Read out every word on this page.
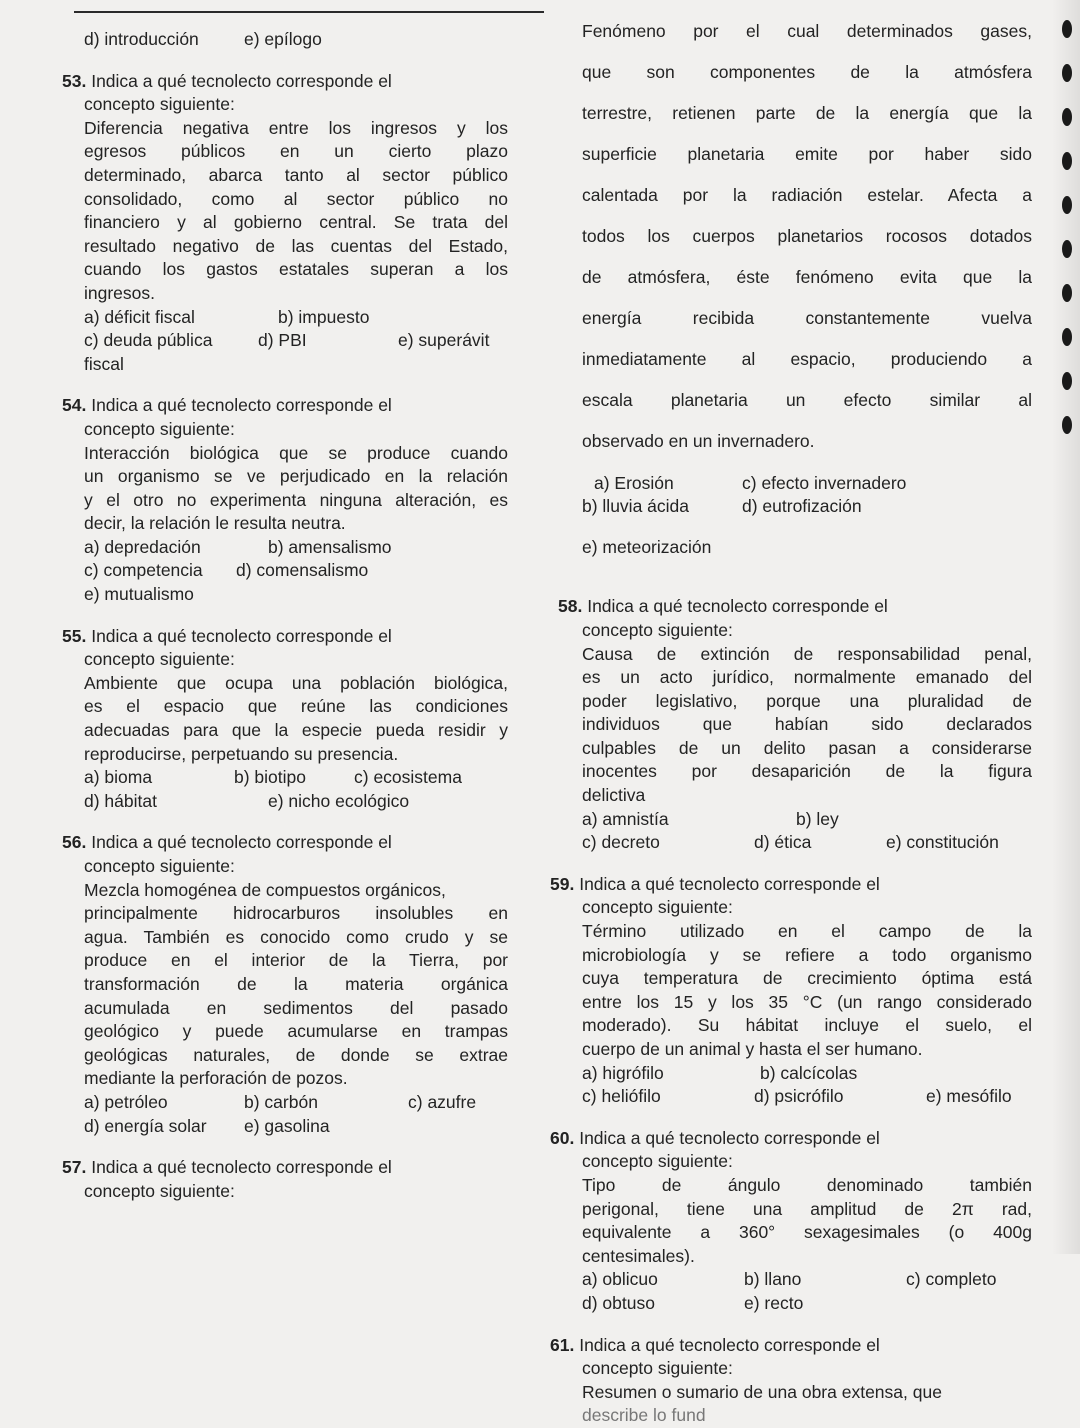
d) introducción	e) epílogo

53. Indica a qué tecnolecto corresponde el

concepto siguiente:

Diferencia negativa entre los ingresos y los

egresos públicos en un cierto plazo

determinado, abarca tanto al sector público

consolidado, como al sector público no

financiero y al gobierno central. Se trata del

resultado negativo de las cuentas del Estado,

cuando los gastos estatales superan a los

ingresos.

a) déficit fiscal	b) impuesto
c) deuda pública	d) PBI	e) superávit

fiscal

54. Indica a qué tecnolecto corresponde el

concepto siguiente:

Interacción biológica que se produce cuando

un organismo se ve perjudicado en la relación

y el otro no experimenta ninguna alteración, es

decir, la relación le resulta neutra.

a) depredación	b) amensalismo
c) competencia	d) comensalismo

e) mutualismo

55. Indica a qué tecnolecto corresponde el

concepto siguiente:

Ambiente que ocupa una población biológica,

es el espacio que reúne las condiciones

adecuadas para que la especie pueda residir y

reproducirse, perpetuando su presencia.

a) bioma	b) biotipo	c) ecosistema
d) hábitat	e) nicho ecológico

56. Indica a qué tecnolecto corresponde el

concepto siguiente:

Mezcla homogénea de compuestos orgánicos,

principalmente hidrocarburos insolubles en

agua. También es conocido como crudo y se

produce en el interior de la Tierra, por

transformación de la materia orgánica

acumulada en sedimentos del pasado

geológico y puede acumularse en trampas

geológicas naturales, de donde se extrae

mediante la perforación de pozos.

a) petróleo	b) carbón	c) azufre
d) energía solar	e) gasolina

57. Indica a qué tecnolecto corresponde el

concepto siguiente:

Fenómeno por el cual determinados gases,

que son componentes de la atmósfera

terrestre, retienen parte de la energía que la

superficie planetaria emite por haber sido

calentada por la radiación estelar. Afecta a

todos los cuerpos planetarios rocosos dotados

de atmósfera, éste fenómeno evita que la

energía recibida constantemente vuelva

inmediatamente al espacio, produciendo a

escala planetaria un efecto similar al

observado en un invernadero.

a) Erosión	c) efecto invernadero
b) lluvia ácida	d) eutrofización

e) meteorización

58. Indica a qué tecnolecto corresponde el

concepto siguiente:

Causa de extinción de responsabilidad penal,

es un acto jurídico, normalmente emanado del

poder legislativo, porque una pluralidad de

individuos que habían sido declarados

culpables de un delito pasan a considerarse

inocentes por desaparición de la figura

delictiva

a) amnistía	b) ley
c) decreto	d) ética	e) constitución

59. Indica a qué tecnolecto corresponde el

concepto siguiente:

Término utilizado en el campo de la

microbiología y se refiere a todo organismo

cuya temperatura de crecimiento óptima está

entre los 15 y los 35 °C (un rango considerado

moderado). Su hábitat incluye el suelo, el

cuerpo de un animal y hasta el ser humano.

a) higrófilo	b) calcícolas
c) heliófilo	d) psicrófilo	e) mesófilo

60. Indica a qué tecnolecto corresponde el

concepto siguiente:

Tipo de ángulo denominado también

perigonal, tiene una amplitud de 2π rad,

equivalente a 360° sexagesimales (o 400g

centesimales).

a) oblicuo	b) llano	c) completo
d) obtuso	e) recto

61. Indica a qué tecnolecto corresponde el

concepto siguiente:

Resumen o sumario de una obra extensa, que

describe lo fund
